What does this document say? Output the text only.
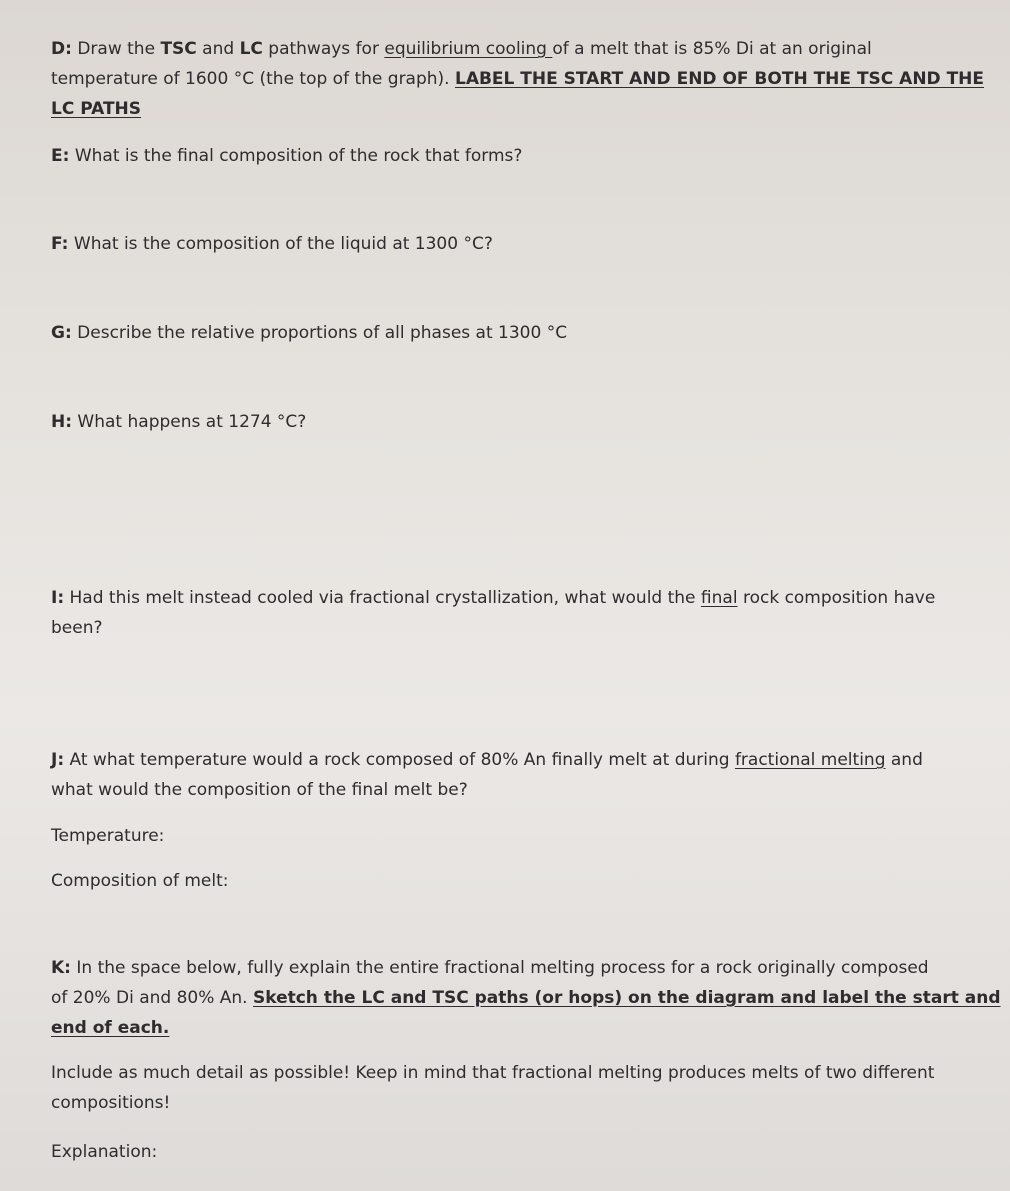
D: Draw the TSC and LC pathways for equilibrium cooling of a melt that is 85% Di at an original
temperature of 1600 °C (the top of the graph). LABEL THE START AND END OF BOTH THE TSC AND THE
LC PATHS
E: What is the final composition of the rock that forms?
F: What is the composition of the liquid at 1300 °C?
G: Describe the relative proportions of all phases at 1300 °C
H: What happens at 1274 °C?
I: Had this melt instead cooled via fractional crystallization, what would the final rock composition have
been?
J: At what temperature would a rock composed of 80% An finally melt at during fractional melting and
what would the composition of the final melt be?
Temperature:
Composition of melt:
K: In the space below, fully explain the entire fractional melting process for a rock originally composed
of 20% Di and 80% An. Sketch the LC and TSC paths (or hops) on the diagram and label the start and
end of each.
Include as much detail as possible! Keep in mind that fractional melting produces melts of two different
compositions!
Explanation:
